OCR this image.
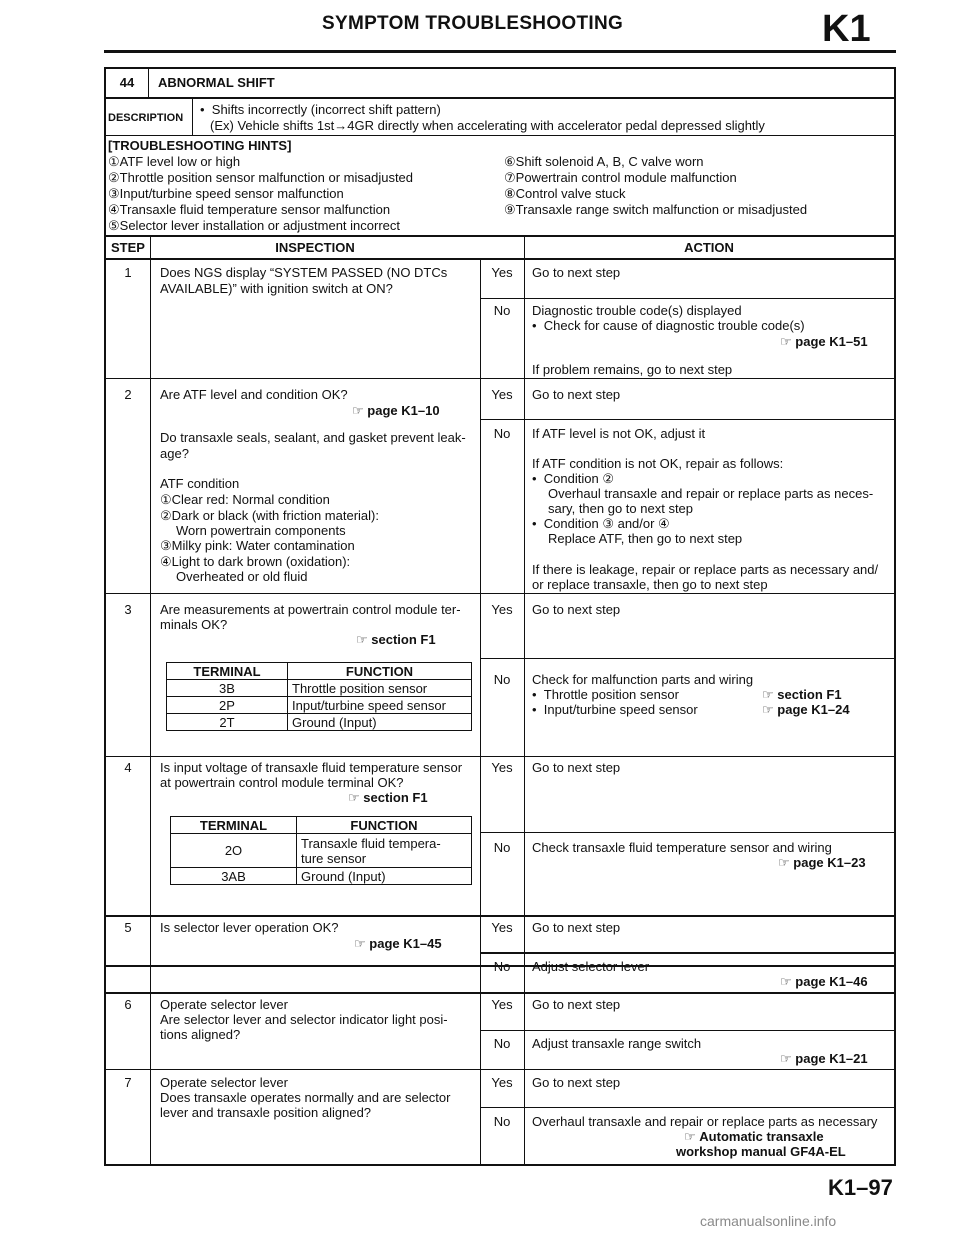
SYMPTOM TROUBLESHOOTING	K1
44	ABNORMAL SHIFT
DESCRIPTION
•  Shifts incorrectly (incorrect shift pattern)
(Ex) Vehicle shifts 1st→4GR directly when accelerating with accelerator pedal depressed slightly
[TROUBLESHOOTING HINTS]
①ATF level low or high
②Throttle position sensor malfunction or misadjusted
③Input/turbine speed sensor malfunction
④Transaxle fluid temperature sensor malfunction
⑤Selector lever installation or adjustment incorrect
⑥Shift solenoid A, B, C valve worn
⑦Powertrain control module malfunction
⑧Control valve stuck
⑨Transaxle range switch malfunction or misadjusted
STEP	INSPECTION	ACTION
1	Does NGS display “SYSTEM PASSED (NO DTCs
AVAILABLE)” with ignition switch at ON?
Yes	Go to next step
No	Diagnostic trouble code(s) displayed
•  Check for cause of diagnostic trouble code(s)
☞ page K1–51
If problem remains, go to next step
2	Are ATF level and condition OK?
☞ page K1–10
Do transaxle seals, sealant, and gasket prevent leak-
age?
ATF condition
①Clear red: Normal condition
②Dark or black (with friction material):
Worn powertrain components
③Milky pink: Water contamination
④Light to dark brown (oxidation):
Overheated or old fluid
Yes	Go to next step
No	If ATF level is not OK, adjust it
If ATF condition is not OK, repair as follows:
•  Condition ②
Overhaul transaxle and repair or replace parts as neces-
sary, then go to next step
•  Condition ③ and/or ④
Replace ATF, then go to next step
If there is leakage, repair or replace parts as necessary and/
or replace transaxle, then go to next step
3	Are measurements at powertrain control module ter-
minals OK?
☞ section F1
TERMINAL	FUNCTION
3B	Throttle position sensor
2P	Input/turbine speed sensor
2T	Ground (Input)
Yes	Go to next step
No	Check for malfunction parts and wiring
•  Throttle position sensor	☞ section F1
•  Input/turbine speed sensor	☞ page K1–24
4	Is input voltage of transaxle fluid temperature sensor
at powertrain control module terminal OK?
☞ section F1
TERMINAL	FUNCTION
2O	Transaxle fluid tempera-
ture sensor
3AB	Ground (Input)
Yes	Go to next step
No	Check transaxle fluid temperature sensor and wiring
☞ page K1–23
5	Is selector lever operation OK?
☞ page K1–45
Yes	Go to next step
No	Adjust selector lever
☞ page K1–46
6	Operate selector lever
Are selector lever and selector indicator light posi-
tions aligned?
Yes	Go to next step
No	Adjust transaxle range switch
☞ page K1–21
7	Operate selector lever
Does transaxle operates normally and are selector
lever and transaxle position aligned?
Yes	Go to next step
No	Overhaul transaxle and repair or replace parts as necessary
☞ Automatic transaxle
workshop manual GF4A-EL
K1–97
carmanualsonline.info
